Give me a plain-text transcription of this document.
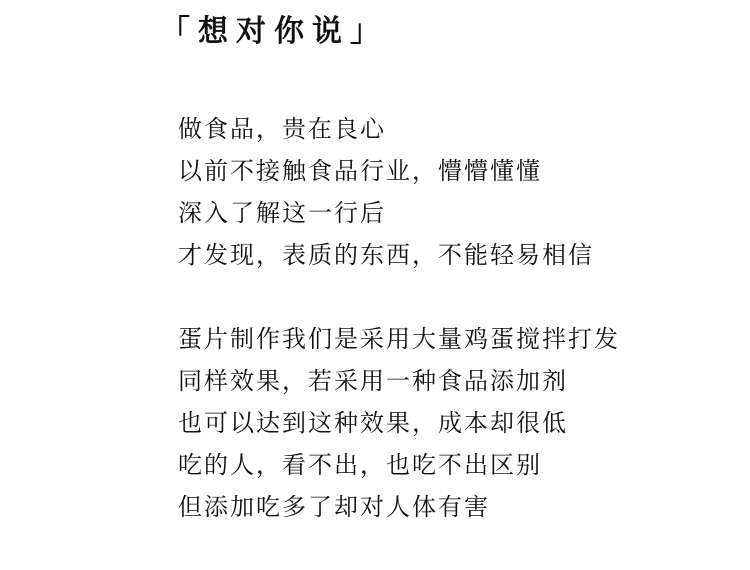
「想对你说」
做食品，贵在良心
以前不接触食品行业，懵懵懂懂
深入了解这一行后
才发现，表质的东西，不能轻易相信
蛋片制作我们是采用大量鸡蛋搅拌打发
同样效果，若采用一种食品添加剂
也可以达到这种效果，成本却很低
吃的人，看不出，也吃不出区别
但添加吃多了却对人体有害
